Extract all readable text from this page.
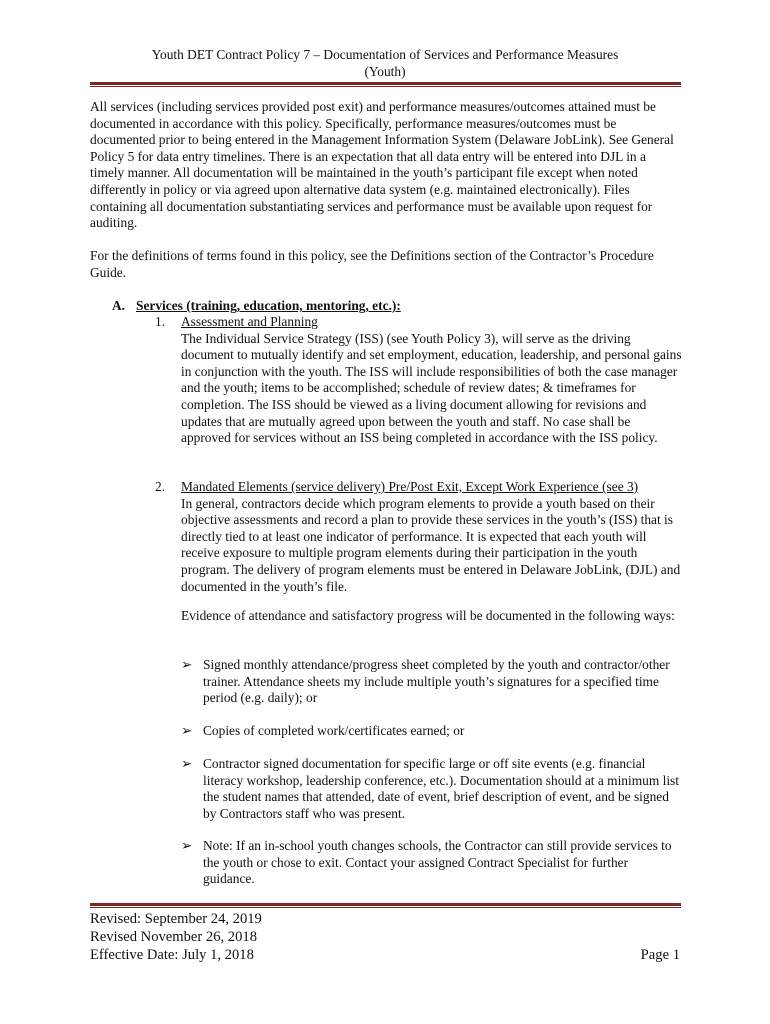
Youth DET Contract Policy 7 – Documentation of Services and Performance Measures
(Youth)

All services (including services provided post exit) and performance measures/outcomes attained must be documented in accordance with this policy. Specifically, performance measures/outcomes must be documented prior to being entered in the Management Information System (Delaware JobLink). See General Policy 5 for data entry timelines. There is an expectation that all data entry will be entered into DJL in a timely manner. All documentation will be maintained in the youth’s participant file except when noted differently in policy or via agreed upon alternative data system (e.g. maintained electronically). Files containing all documentation substantiating services and performance must be available upon request for auditing.

For the definitions of terms found in this policy, see the Definitions section of the Contractor’s Procedure Guide.

A. Services (training, education, mentoring, etc.):
1.	Assessment and Planning

The Individual Service Strategy (ISS) (see Youth Policy 3), will serve as the driving document to mutually identify and set employment, education, leadership, and personal gains in conjunction with the youth. The ISS will include responsibilities of both the case manager and the youth; items to be accomplished; schedule of review dates; & timeframes for completion. The ISS should be viewed as a living document allowing for revisions and updates that are mutually agreed upon between the youth and staff. No case shall be approved for services without an ISS being completed in accordance with the ISS policy.

2.	Mandated Elements (service delivery) Pre/Post Exit, Except Work Experience (see 3)

In general, contractors decide which program elements to provide a youth based on their objective assessments and record a plan to provide these services in the youth’s (ISS) that is directly tied to at least one indicator of performance. It is expected that each youth will receive exposure to multiple program elements during their participation in the youth program. The delivery of program elements must be entered in Delaware JobLink, (DJL) and documented in the youth’s file.

Evidence of attendance and satisfactory progress will be documented in the following ways:

➢ Signed monthly attendance/progress sheet completed by the youth and contractor/other trainer. Attendance sheets my include multiple youth’s signatures for a specified time period (e.g. daily); or

➢ Copies of completed work/certificates earned; or

➢ Contractor signed documentation for specific large or off site events (e.g. financial literacy workshop, leadership conference, etc.). Documentation should at a minimum list the student names that attended, date of event, brief description of event, and be signed by Contractors staff who was present.

➢ Note: If an in-school youth changes schools, the Contractor can still provide services to the youth or chose to exit. Contact your assigned Contract Specialist for further guidance.

Revised: September 24, 2019
Revised November 26, 2018
Effective Date: July 1, 2018	Page 1
